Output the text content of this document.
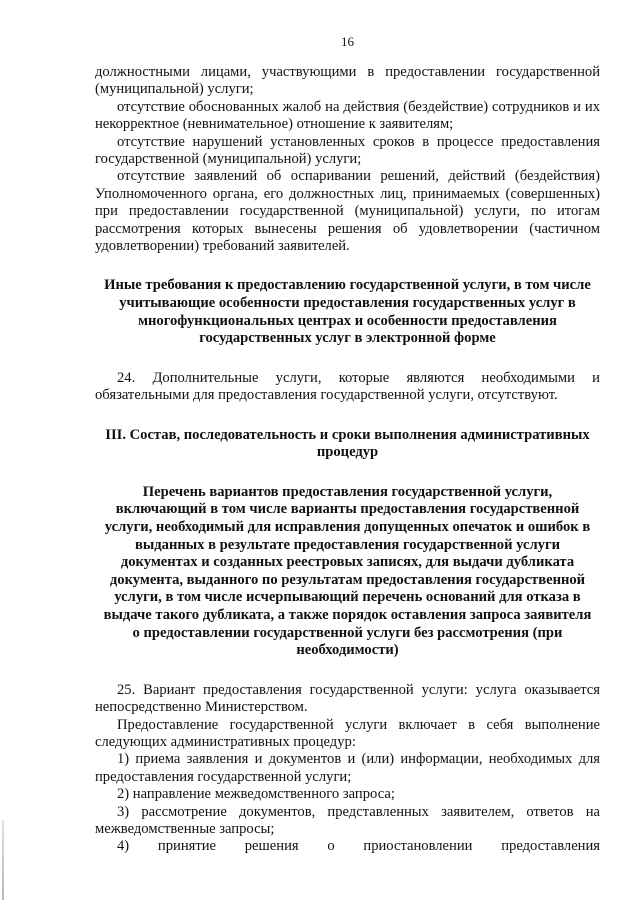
16
должностными лицами, участвующими в предоставлении государственной (муниципальной) услуги;
отсутствие обоснованных жалоб на действия (бездействие) сотрудников и их некорректное (невнимательное) отношение к заявителям;
отсутствие нарушений установленных сроков в процессе предоставления государственной (муниципальной) услуги;
отсутствие заявлений об оспаривании решений, действий (бездействия) Уполномоченного органа, его должностных лиц, принимаемых (совершенных) при предоставлении государственной (муниципальной) услуги, по итогам рассмотрения которых вынесены решения об удовлетворении (частичном удовлетворении) требований заявителей.
Иные требования к предоставлению государственной услуги, в том числе учитывающие особенности предоставления государственных услуг в многофункциональных центрах и особенности предоставления государственных услуг в электронной форме
24. Дополнительные услуги, которые являются необходимыми и обязательными для предоставления государственной услуги, отсутствуют.
III. Состав, последовательность и сроки выполнения административных процедур
Перечень вариантов предоставления государственной услуги, включающий в том числе варианты предоставления государственной услуги, необходимый для исправления допущенных опечаток и ошибок в выданных в результате предоставления государственной услуги документах и созданных реестровых записях, для выдачи дубликата документа, выданного по результатам предоставления государственной услуги, в том числе исчерпывающий перечень оснований для отказа в выдаче такого дубликата, а также порядок оставления запроса заявителя о предоставлении государственной услуги без рассмотрения (при необходимости)
25. Вариант предоставления государственной услуги: услуга оказывается непосредственно Министерством.
Предоставление государственной услуги включает в себя выполнение следующих административных процедур:
1) приема заявления и документов и (или) информации, необходимых для предоставления государственной услуги;
2) направление межведомственного запроса;
3) рассмотрение документов, представленных заявителем, ответов на межведомственные запросы;
4) принятие решения о приостановлении предоставления
